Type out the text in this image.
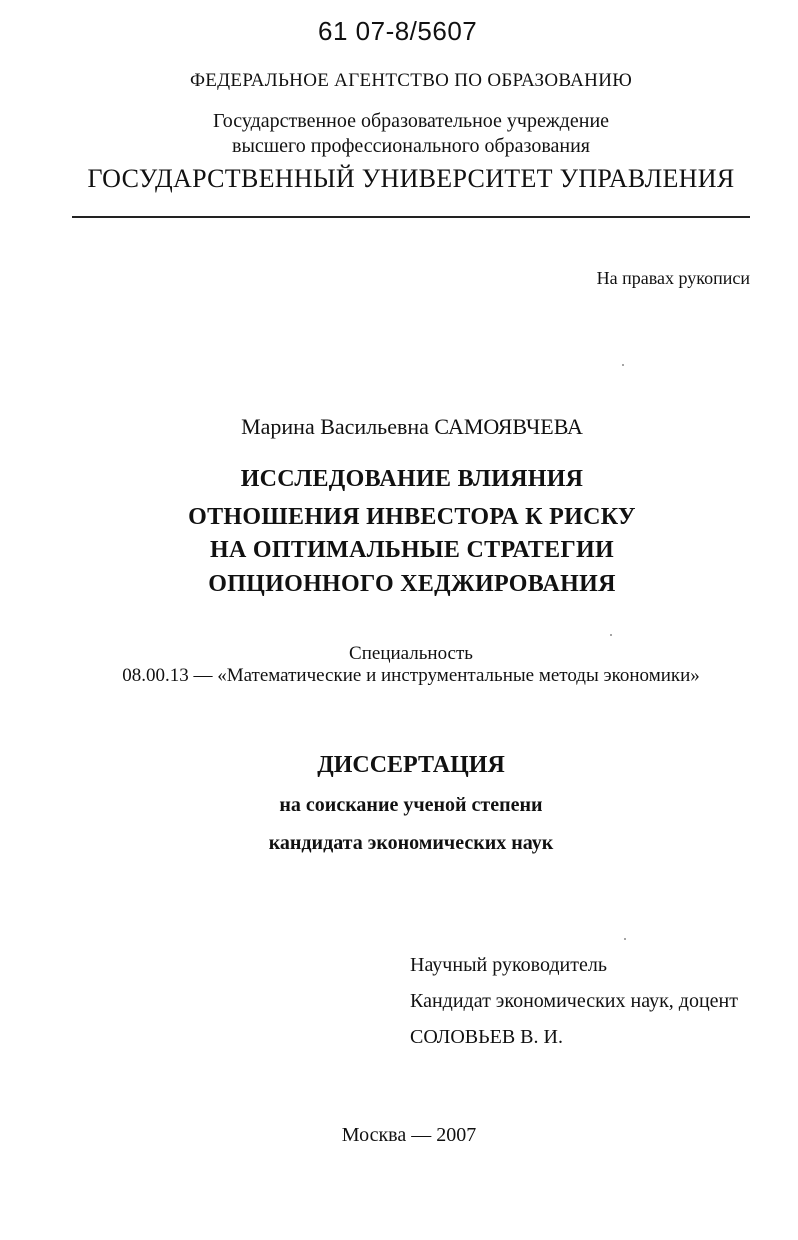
61 07-8/5607
ФЕДЕРАЛЬНОЕ АГЕНТСТВО ПО ОБРАЗОВАНИЮ
Государственное образовательное учреждение
высшего профессионального образования
ГОСУДАРСТВЕННЫЙ УНИВЕРСИТЕТ УПРАВЛЕНИЯ
На правах рукописи
Марина Васильевна САМОЯВЧЕВА
ИССЛЕДОВАНИЕ ВЛИЯНИЯ
ОТНОШЕНИЯ ИНВЕСТОРА К РИСКУ
НА ОПТИМАЛЬНЫЕ СТРАТЕГИИ
ОПЦИОННОГО ХЕДЖИРОВАНИЯ
Специальность
08.00.13 — «Математические и инструментальные методы экономики»
ДИССЕРТАЦИЯ
на соискание ученой степени
кандидата экономических наук
Научный руководитель
Кандидат экономических наук, доцент
СОЛОВЬЕВ В. И.
Москва — 2007
